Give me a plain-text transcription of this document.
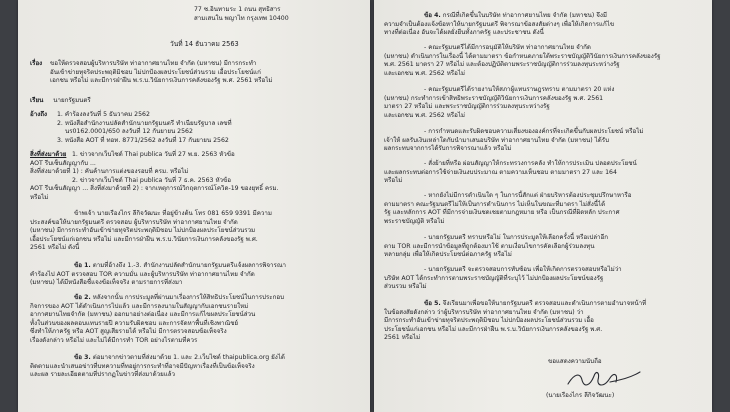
77 ซ.อินทามระ 1 ถนน สุทธิสาร
สามเสนใน พญาไท กรุงเทพ 10400
วันที่ 14 ธันวาคม 2563
เรื่อง ขอให้ตรวจสอบผู้บริหารบริษัท ท่าอากาศยานไทย จำกัด (มหาชน) มีการกระทำ
อันเข้าข่ายทุจริตประพฤติมิชอบ ไม่ปกป้องผลประโยชน์ส่วนรวม เอื้อประโยชน์แก่
เอกชน หรือไม่ และมีการฝ่าฝืน พ.ร.บ.วินัยการเงินการคลังของรัฐ พ.ศ. 2561 หรือไม่
เรียน นายกรัฐมนตรี
อ้างถึง 1. คำร้องลงวันที่ 5 ธันวาคม 2562
2. หนังสือสำนักงานปลัดสำนักนายกรัฐมนตรี ทำเนียบรัฐบาล เลขที่
นร0162.0001/650 ลงวันที่ 12 กันยายน 2562
3. หนังสือ AOT ที่ ทอท. 8771/2562 ลงวันที่ 17 กันยายน 2562
สิ่งที่ส่งมาด้วย 1. ข่าวจากเว็บไซด์ Thai publica วันที่ 27 พ.ย. 2563 หัวข้อ
AOT รีบเซ็นสัญญากับ ...
สิ่งที่ส่งมาด้วยที่ 1) : คันค้านการแต่งของรอบที่ ครม. หรือไม่
2. ข่าวจากเว็บไซด์ Thai publica วันที่ 7 ธ.ค. 2563 หัวข้อ
AOT รีบเซ็นสัญญา ... สิ่งที่ส่งมาด้วยที่ 2) : จากเหตุการณ์วิกฤตการณ์โควิด-19 ของยุทธิ์ ครม.
หรือไม่
ข้าพเจ้า นายเรืองไกร ลีกิจวัฒนะ ที่อยู่ข้างต้น โทร 081 659 9391 มีความ
ประสงค์ขอให้นายกรัฐมนตรี ตรวจสอบ ผู้บริหารบริษัท ท่าอากาศยานไทย จำกัด
(มหาชน) มีการกระทำอันเข้าข่ายทุจริตประพฤติมิชอบ ไม่ปกป้องผลประโยชน์ส่วนรวม
เอื้อประโยชน์แก่เอกชน หรือไม่ และมีการฝ่าฝืน พ.ร.บ.วินัยการเงินการคลังของรัฐ พ.ศ.
2561 หรือไม่ ดังนี้
ข้อ 1. ตามที่อ้างถึง 1.-3. สำนักงานปลัดสำนักนายกรัฐมนตรีแจ้งผลการพิจารณา
คำร้องไป AOT ตรวจสอบ TOR ความมั่น และผู้บริหารบริษัท ท่าอากาศยานไทย จำกัด
(มหาชน) ได้มีหนังสือชี้แจงข้อเท็จจริง ตามรายการที่ส่งมา
ข้อ 2. หลังจากนั้น การประมูลที่ผ่านมาเรื่องการให้สิทธิประโยชน์ในการประกอบ
กิจการของ AOT ได้ดำเนินการไปแล้ว และมีการลงนามในสัญญากับเอกชนรายใหม่
อากาศยานไทยจำกัด (มหาชน) ออกมาอย่างต่อเนื่อง และมีการแก้ไขผลประโยชน์ส่วน
ทั้งในส่วนของผลตอบแทนรายปี ความรับผิดชอบ และการจัดหาพื้นที่เชิงพาณิชย์
ซึ่งทำให้ภาครัฐ หรือ AOT สูญเสียรายได้ หรือไม่ มีการตรวจสอบข้อเท็จจริง
เรื่องดังกล่าว หรือไม่ และไม่ได้มีการทำ TOR อย่างไรตามที่ควร
ข้อ 3. ต่อมาจากข่าวตามที่ส่งมาด้วย 1. และ 2.เว็บไซต์ thaipublica.org ยังได้
ติดตามและนำเสนอข่าวที่บทความที่ทอยู่การกระทำที่อาจมีปัญหาเรื่องที่เป็นข้อเท็จจริง
และผล รายละเอียดตามที่ปรากฏในข่าวที่ส่งมาด้วยแล้ว
ข้อ 4. กรณีที่เกิดขึ้นในบริษัท ท่าอากาศยานไทย จำกัด (มหาชน) จึงมี
ความจำเป็นต้องแจ้งข้อหาให้นายกรัฐมนตรี พิจารณาข้อสงสัยต่างๆ เพื่อให้เกิดการแก้ไข
ทางที่ต่อเนื่อง อันจะได้ผลยั่งยืนทั้งภาครัฐ และประชาชน ดังนี้
- คณะรัฐมนตรีได้มีการอนุมัติให้บริษัท ท่าอากาศยานไทย จำกัด
(มหาชน) ดำเนินการในเรื่องนี้ ได้ตามมาตรา ข้อกำหนดภายใต้พระราชบัญญัติวินัยการเงินการคลังของรัฐ
พ.ศ. 2561 มาตรา 27 หรือไม่ และต้องปฏิบัติตามพระราชบัญญัติการร่วมลงทุนระหว่างรัฐ
และเอกชน พ.ศ. 2562 หรือไม่
- คณะรัฐมนตรีได้รายงานให้สภาผู้แทนราษฎรทราบ ตามมาตรา 20 แห่ง
(มหาชน) กระทำการเข้าสิทธิพระราชบัญญัติวินัยการเงินการคลังของรัฐ พ.ศ. 2561
มาตรา 27 หรือไม่ และพระราชบัญญัติการร่วมลงทุนระหว่างรัฐ
และเอกชน พ.ศ. 2562 หรือไม่
- การกำหนดและรับผิดชอบความเสี่ยงขององค์กรที่จะเกิดขึ้นกับผลประโยชน์ หรือไม่
เจ้าให้ ผลรับเงินเหล่าใดกับนำมาเสนอบริษัท ท่าอากาศยานไทย จำกัด (มหาชน) ได้รับ
ผลกระทบจากการได้รับการพิจารณาแล้ว หรือไม่
- สั่งย้ายที่หรือ ผ่อนสัญญาให้กระทรวงการคลัง ทำให้การประเมิน ปลอดประโยชน์
และผลกระทบต่อการใช้จ่ายเงินงบประมาณ ตามความเห็นชอบ ตามมาตรา 27 และ 164
หรือไม่
- หากยังไม่มีการดำเนินใด ๆ ในการนี้สักแต่ ฝ่ายบริหารต้องประชุมปรึกษาหารือ
ตามมาตรา คณะรัฐมนตรีไม่ให้เป็นการดำเนินการ ไม่เห็นในขณะที่มาตรา ไม่สั่งนี้ได้
รัฐ และหลักการ AOT ที่มีการจ่ายเงินชดเชยตามกฎหมาย หรือ เป็นกรณีที่ผิดหลัก ประกาศ
พระราชบัญญัติ หรือไม่
- นายกรัฐมนตรี ทราบหรือไม่ ในการประมูลให้เลือกครั้งนี้ หรือเปล่าอีก
ตาม TOR และมีการนำข้อมูลที่ถูกต้องมาใช้ ตามเงื่อนไขการคัดเลือกผู้ร่วมลงทุน
หลายกลุ่ม เพื่อให้เกิดประโยชน์ต่อภาครัฐ หรือไม่
- นายกรัฐมนตรี จะตรวจสอบการทับซ้อน เพื่อให้เกิดการตรวจสอบหรือไม่ว่า
บริษัท AOT ได้กระทำการตามพระราชบัญญัติที่ระบุไว้ ไม่ปกป้องผลประโยชน์ของรัฐ
ส่วนรวม หรือไม่
ข้อ 5. จึงเรียนมาเพื่อขอให้นายกรัฐมนตรี ตรวจสอบและดำเนินการตามอำนาจหน้าที่
ในข้อสงสัยดังกล่าว ว่าผู้บริหารบริษัท ท่าอากาศยานไทย จำกัด (มหาชน) ว่า
มีการกระทำอันเข้าข่ายทุจริตประพฤติมิชอบ ไม่ปกป้องผลประโยชน์ส่วนรวม เอื้อ
ประโยชน์แก่เอกชน หรือไม่ และมีการฝ่าฝืน พ.ร.บ.วินัยการเงินการคลังของรัฐ พ.ศ.
2561 หรือไม่
ขอแสดงความนับถือ
(นายเรืองไกร ลีกิจวัฒนะ)
